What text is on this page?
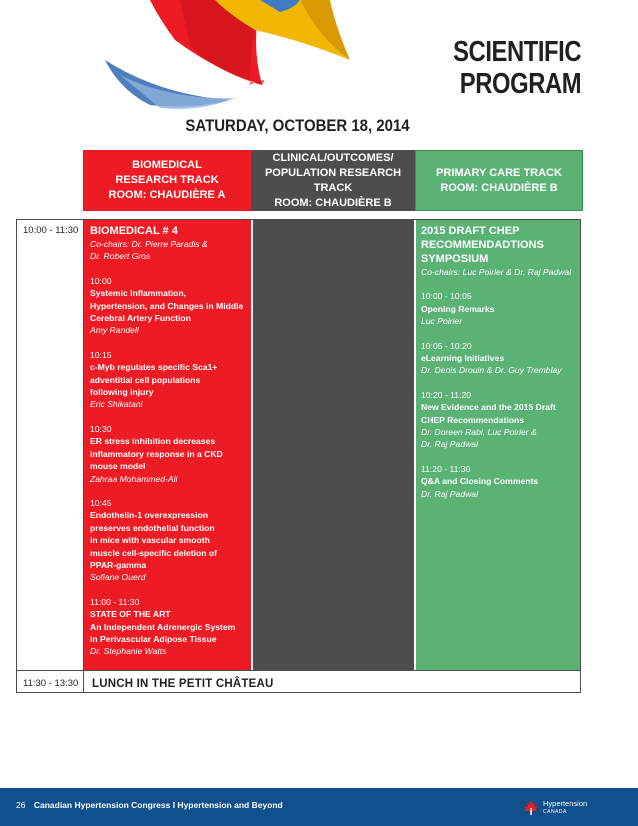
SCIENTIFIC
PROGRAM
SATURDAY, OCTOBER 18, 2014
BIOMEDICAL
RESEARCH TRACK
ROOM: CHAUDIÈRE A
CLINICAL/OUTCOMES/
POPULATION RESEARCH TRACK
ROOM: CHAUDIÈRE B
PRIMARY CARE TRACK
ROOM: CHAUDIÈRE B
10:00 - 11:30
11:30 - 13:30
BIOMEDICAL # 4
Co-chairs: Dr. Pierre Paradis &
Dr. Robert Gros
10:00
Systemic Inflammation,
Hypertension, and Changes in Middle
Cerebral Artery Function
Amy Randell
10:15
c-Myb regulates specific Sca1+
adventitial cell populations
following injury
Eric Shikatani
10:30
ER stress inhibition decreases
inflammatory response in a CKD
mouse model
Zahraa Mohammed-Ali
10:45
Endothelin-1 overexpression
preserves endothelial function
in mice with vascular smooth
muscle cell-specific deletion of
PPAR-gamma
Sofiane Ouerd
11:00 - 11:30
STATE OF THE ART
An Independent Adrenergic System
in Perivascular Adipose Tissue
Dr. Stephanie Watts
2015 DRAFT CHEP
RECOMMENDADTIONS
SYMPOSIUM
Co-chairs: Luc Poirier & Dr. Raj Padwal
10:00 - 10:05
Opening Remarks
Luc Poirier
10:05 - 10:20
eLearning Initiatives
Dr. Denis Drouin & Dr. Guy Tremblay
10:20 - 11:20
New Evidence and the 2015 Draft
CHEP Recommendations
Dr. Doreen Rabi, Luc Poirier &
Dr. Raj Padwal
11:20 - 11:30
Q&A and Closing Comments
Dr. Raj Padwal
LUNCH IN THE PETIT CHÂTEAU
26 Canadian Hypertension Congress I Hypertension and Beyond	Hypertension
CANADA
